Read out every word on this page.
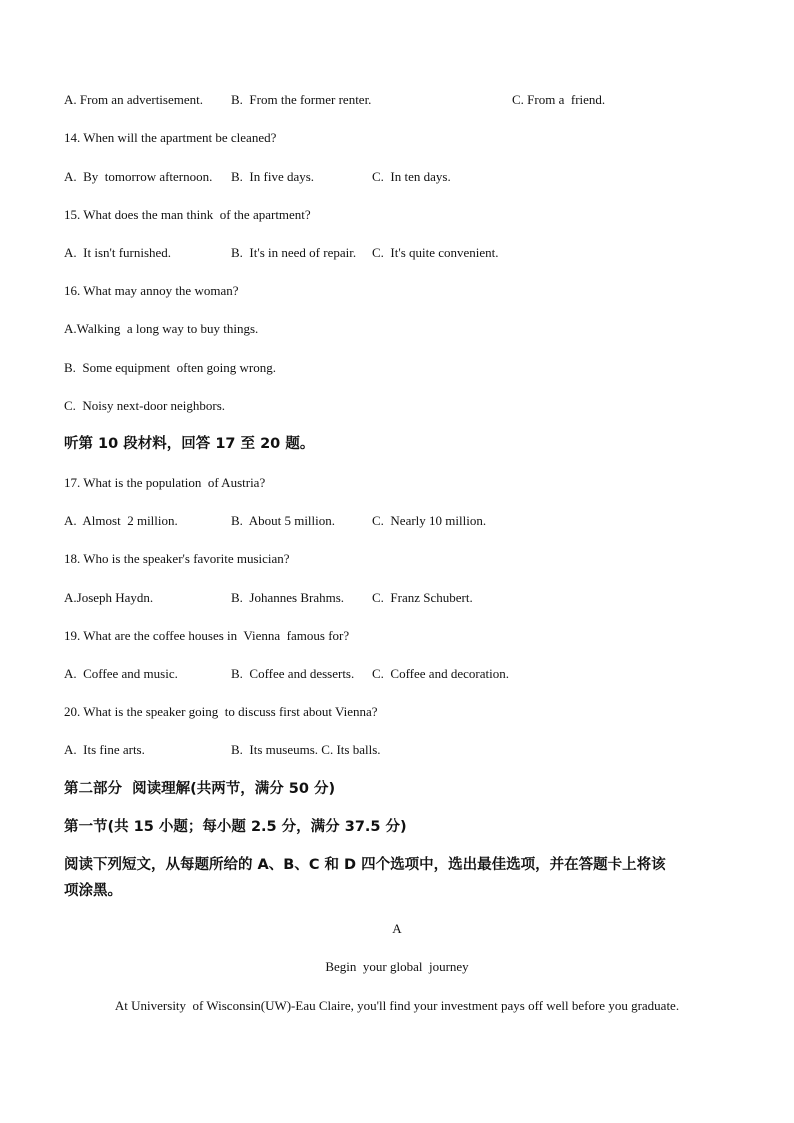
A. From an advertisement. B.  From the former renter.	C. From a  friend.
14. When will the apartment be cleaned?
A.  By  tomorrow afternoon. B.  In five days.	C.  In ten days.
15. What does the man think  of the apartment?
A.  It isn't furnished.	B.  It's in need of repair. C.  It's quite convenient.
16. What may annoy the woman?
A.Walking  a long way to buy things.
B.  Some equipment  often going wrong.
C.  Noisy next-door neighbors.
听第 10 段材料，回答 17 至 20 题。
17. What is the population  of Austria?
A.  Almost  2 million.	B.  About 5 million.	C.  Nearly 10 million.
18. Who is the speaker's favorite musician?
A.Joseph Haydn.	B.  Johannes Brahms. C.  Franz Schubert.
19. What are the coffee houses in  Vienna  famous for?
A.  Coffee and music.	B.  Coffee and desserts. C.  Coffee and decoration.
20. What is the speaker going  to discuss first about Vienna?
A.  Its fine arts.	B.  Its museums. C. Its balls.
第二部分  阅读理解(共两节，满分 50 分)
第一节(共 15 小题；每小题 2.5 分，满分 37.5 分)
阅读下列短文，从每题所给的 A、B、C 和 D 四个选项中，选出最佳选项，并在答题卡上将该
项涂黑。
A
Begin  your global  journey
At University  of Wisconsin(UW)-Eau Claire, you'll find your investment pays off well before you graduate.
